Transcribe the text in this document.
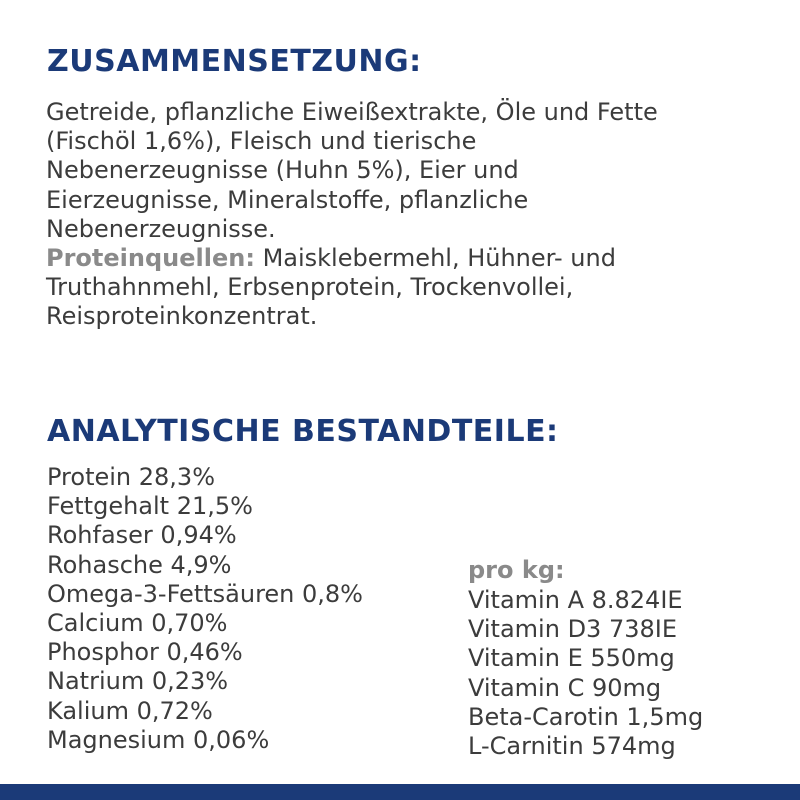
ZUSAMMENSETZUNG:
Getreide, pflanzliche Eiweißextrakte, Öle und Fette
(Fischöl 1,6%), Fleisch und tierische
Nebenerzeugnisse (Huhn 5%), Eier und
Eierzeugnisse, Mineralstoffe, pflanzliche
Nebenerzeugnisse.
Proteinquellen: Maisklebermehl, Hühner- und
Truthahnmehl, Erbsenprotein, Trockenvollei,
Reisproteinkonzentrat.
ANALYTISCHE BESTANDTEILE:
Protein 28,3%
Fettgehalt 21,5%
Rohfaser 0,94%
Rohasche 4,9%
Omega-3-Fettsäuren 0,8%
Calcium 0,70%
Phosphor 0,46%
Natrium 0,23%
Kalium 0,72%
Magnesium 0,06%
pro kg:
Vitamin A 8.824IE
Vitamin D3 738IE
Vitamin E 550mg
Vitamin C 90mg
Beta-Carotin 1,5mg
L-Carnitin 574mg
